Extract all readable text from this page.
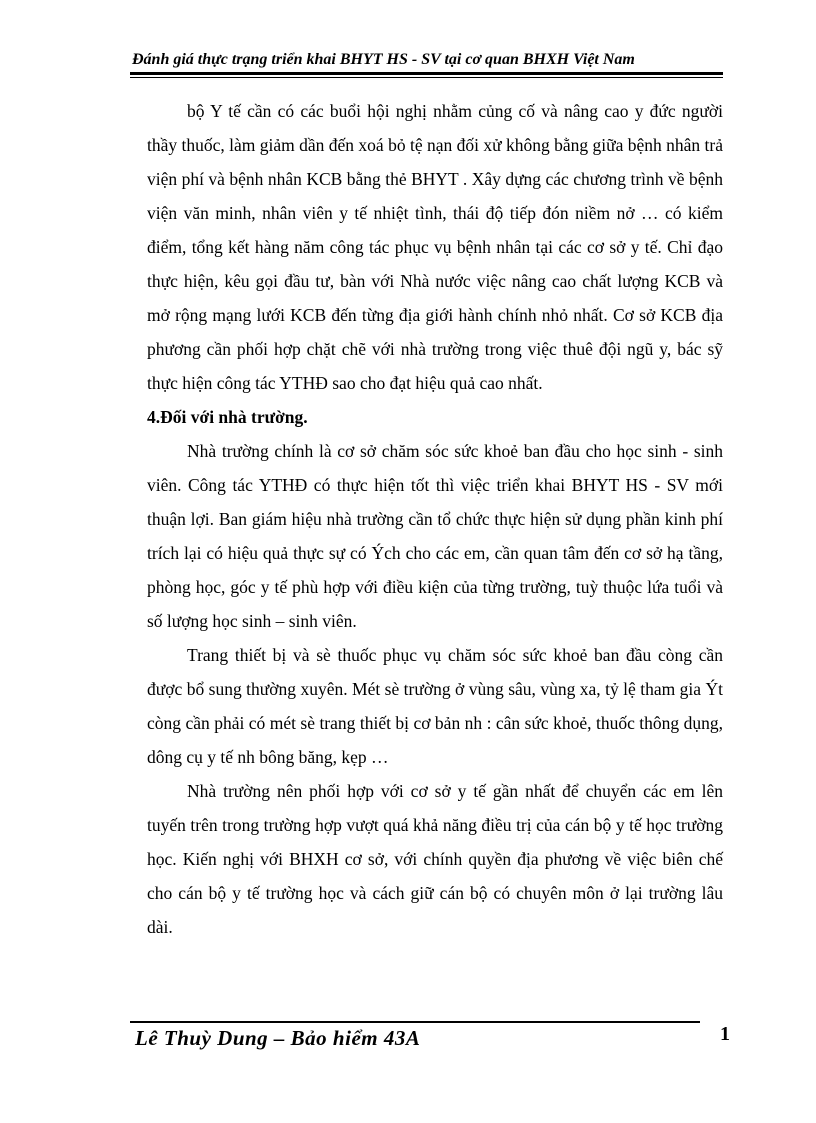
Đánh giá thực trạng triển khai BHYT HS - SV tại cơ quan BHXH Việt Nam

bộ Y tế cần có các buổi hội nghị nhằm củng cố và nâng cao y đức người thầy thuốc, làm giảm dần đến xoá bỏ tệ nạn đối xử không bằng giữa bệnh nhân trả viện phí và bệnh nhân KCB bằng thẻ BHYT . Xây dựng các chương trình về bệnh viện văn minh, nhân viên y tế nhiệt tình, thái độ tiếp đón niềm nở … có kiểm điểm, tổng kết hàng năm công tác phục vụ bệnh nhân tại các cơ sở y tế. Chỉ đạo thực hiện, kêu gọi đầu tư, bàn với Nhà nước việc nâng cao chất lượng KCB và mở rộng mạng lưới KCB đến từng địa giới hành chính nhỏ nhất. Cơ sở KCB địa phương cần phối hợp chặt chẽ với nhà trường trong việc thuê đội ngũ y, bác sỹ thực hiện công tác YTHĐ sao cho đạt hiệu quả cao nhất.

4.Đối với nhà trường.

Nhà trường chính là cơ sở chăm sóc sức khoẻ ban đầu cho học sinh - sinh viên. Công tác YTHĐ có thực hiện tốt thì việc triển khai BHYT HS - SV mới thuận lợi. Ban giám hiệu nhà trường cần tổ chức thực hiện sử dụng phần kinh phí trích lại có hiệu quả thực sự có Ých cho các em, cần quan tâm đến cơ sở hạ tầng, phòng học, góc y tế phù hợp với điều kiện của từng trường, tuỳ thuộc lứa tuổi và số lượng học sinh – sinh viên.

Trang thiết bị và sè thuốc phục vụ chăm sóc sức khoẻ ban đầu còng cần được bổ sung thường xuyên. Mét sè trường ở vùng sâu, vùng xa, tỷ lệ tham gia Ýt còng cần phải có mét sè trang thiết bị cơ bản nh : cân sức khoẻ, thuốc thông dụng, dông cụ y tế nh bông băng, kẹp …

Nhà trường nên phối hợp với cơ sở y tế gần nhất để chuyển các em lên tuyến trên trong trường hợp vượt quá khả năng điều trị của cán bộ y tế học trường học. Kiến nghị với BHXH cơ sở, với chính quyền địa phương về việc biên chế cho cán bộ y tế trường học và cách giữ cán bộ có chuyên môn ở lại trường lâu dài.

Lê Thuỳ Dung – Bảo hiểm 43A	1
